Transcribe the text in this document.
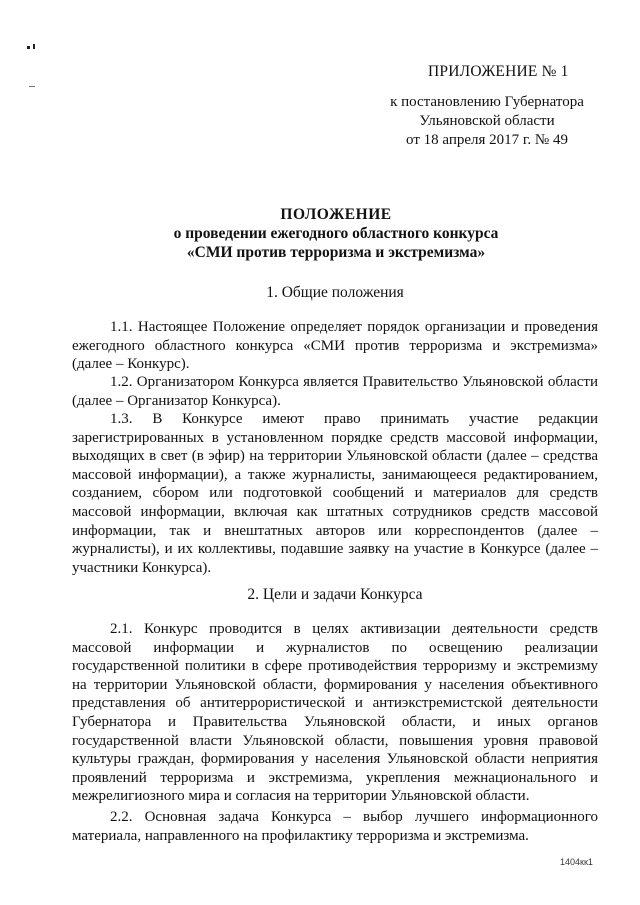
ПРИЛОЖЕНИЕ № 1
к постановлению Губернатора
Ульяновской области
от 18 апреля 2017 г. № 49
ПОЛОЖЕНИЕ
о проведении ежегодного областного конкурса
«СМИ против терроризма и экстремизма»
1. Общие положения

1.1. Настоящее Положение определяет порядок организации и проведения ежегодного областного конкурса «СМИ против терроризма и экстремизма» (далее – Конкурс).

1.2. Организатором Конкурса является Правительство Ульяновской области (далее – Организатор Конкурса).

1.3. В Конкурсе имеют право принимать участие редакции зарегистрированных в установленном порядке средств массовой информации, выходящих в свет (в эфир) на территории Ульяновской области (далее – средства массовой информации), а также журналисты, занимающееся редактированием, созданием, сбором или подготовкой сообщений и материалов для средств массовой информации, включая как штатных сотрудников средств массовой информации, так и внештатных авторов или корреспондентов (далее – журналисты), и их коллективы, подавшие заявку на участие в Конкурсе (далее – участники Конкурса).

2. Цели и задачи Конкурса

2.1. Конкурс проводится в целях активизации деятельности средств массовой информации и журналистов по освещению реализации государственной политики в сфере противодействия терроризму и экстремизму на территории Ульяновской области, формирования у населения объективного представления об антитеррористической и антиэкстремистской деятельности Губернатора и Правительства Ульяновской области, и иных органов государственной власти Ульяновской области, повышения уровня правовой культуры граждан, формирования у населения Ульяновской области неприятия проявлений терроризма и экстремизма, укрепления межнационального и межрелигиозного мира и согласия на территории Ульяновской области.

2.2. Основная задача Конкурса – выбор лучшего информационного материала, направленного на профилактику терроризма и экстремизма.

1404кк1
